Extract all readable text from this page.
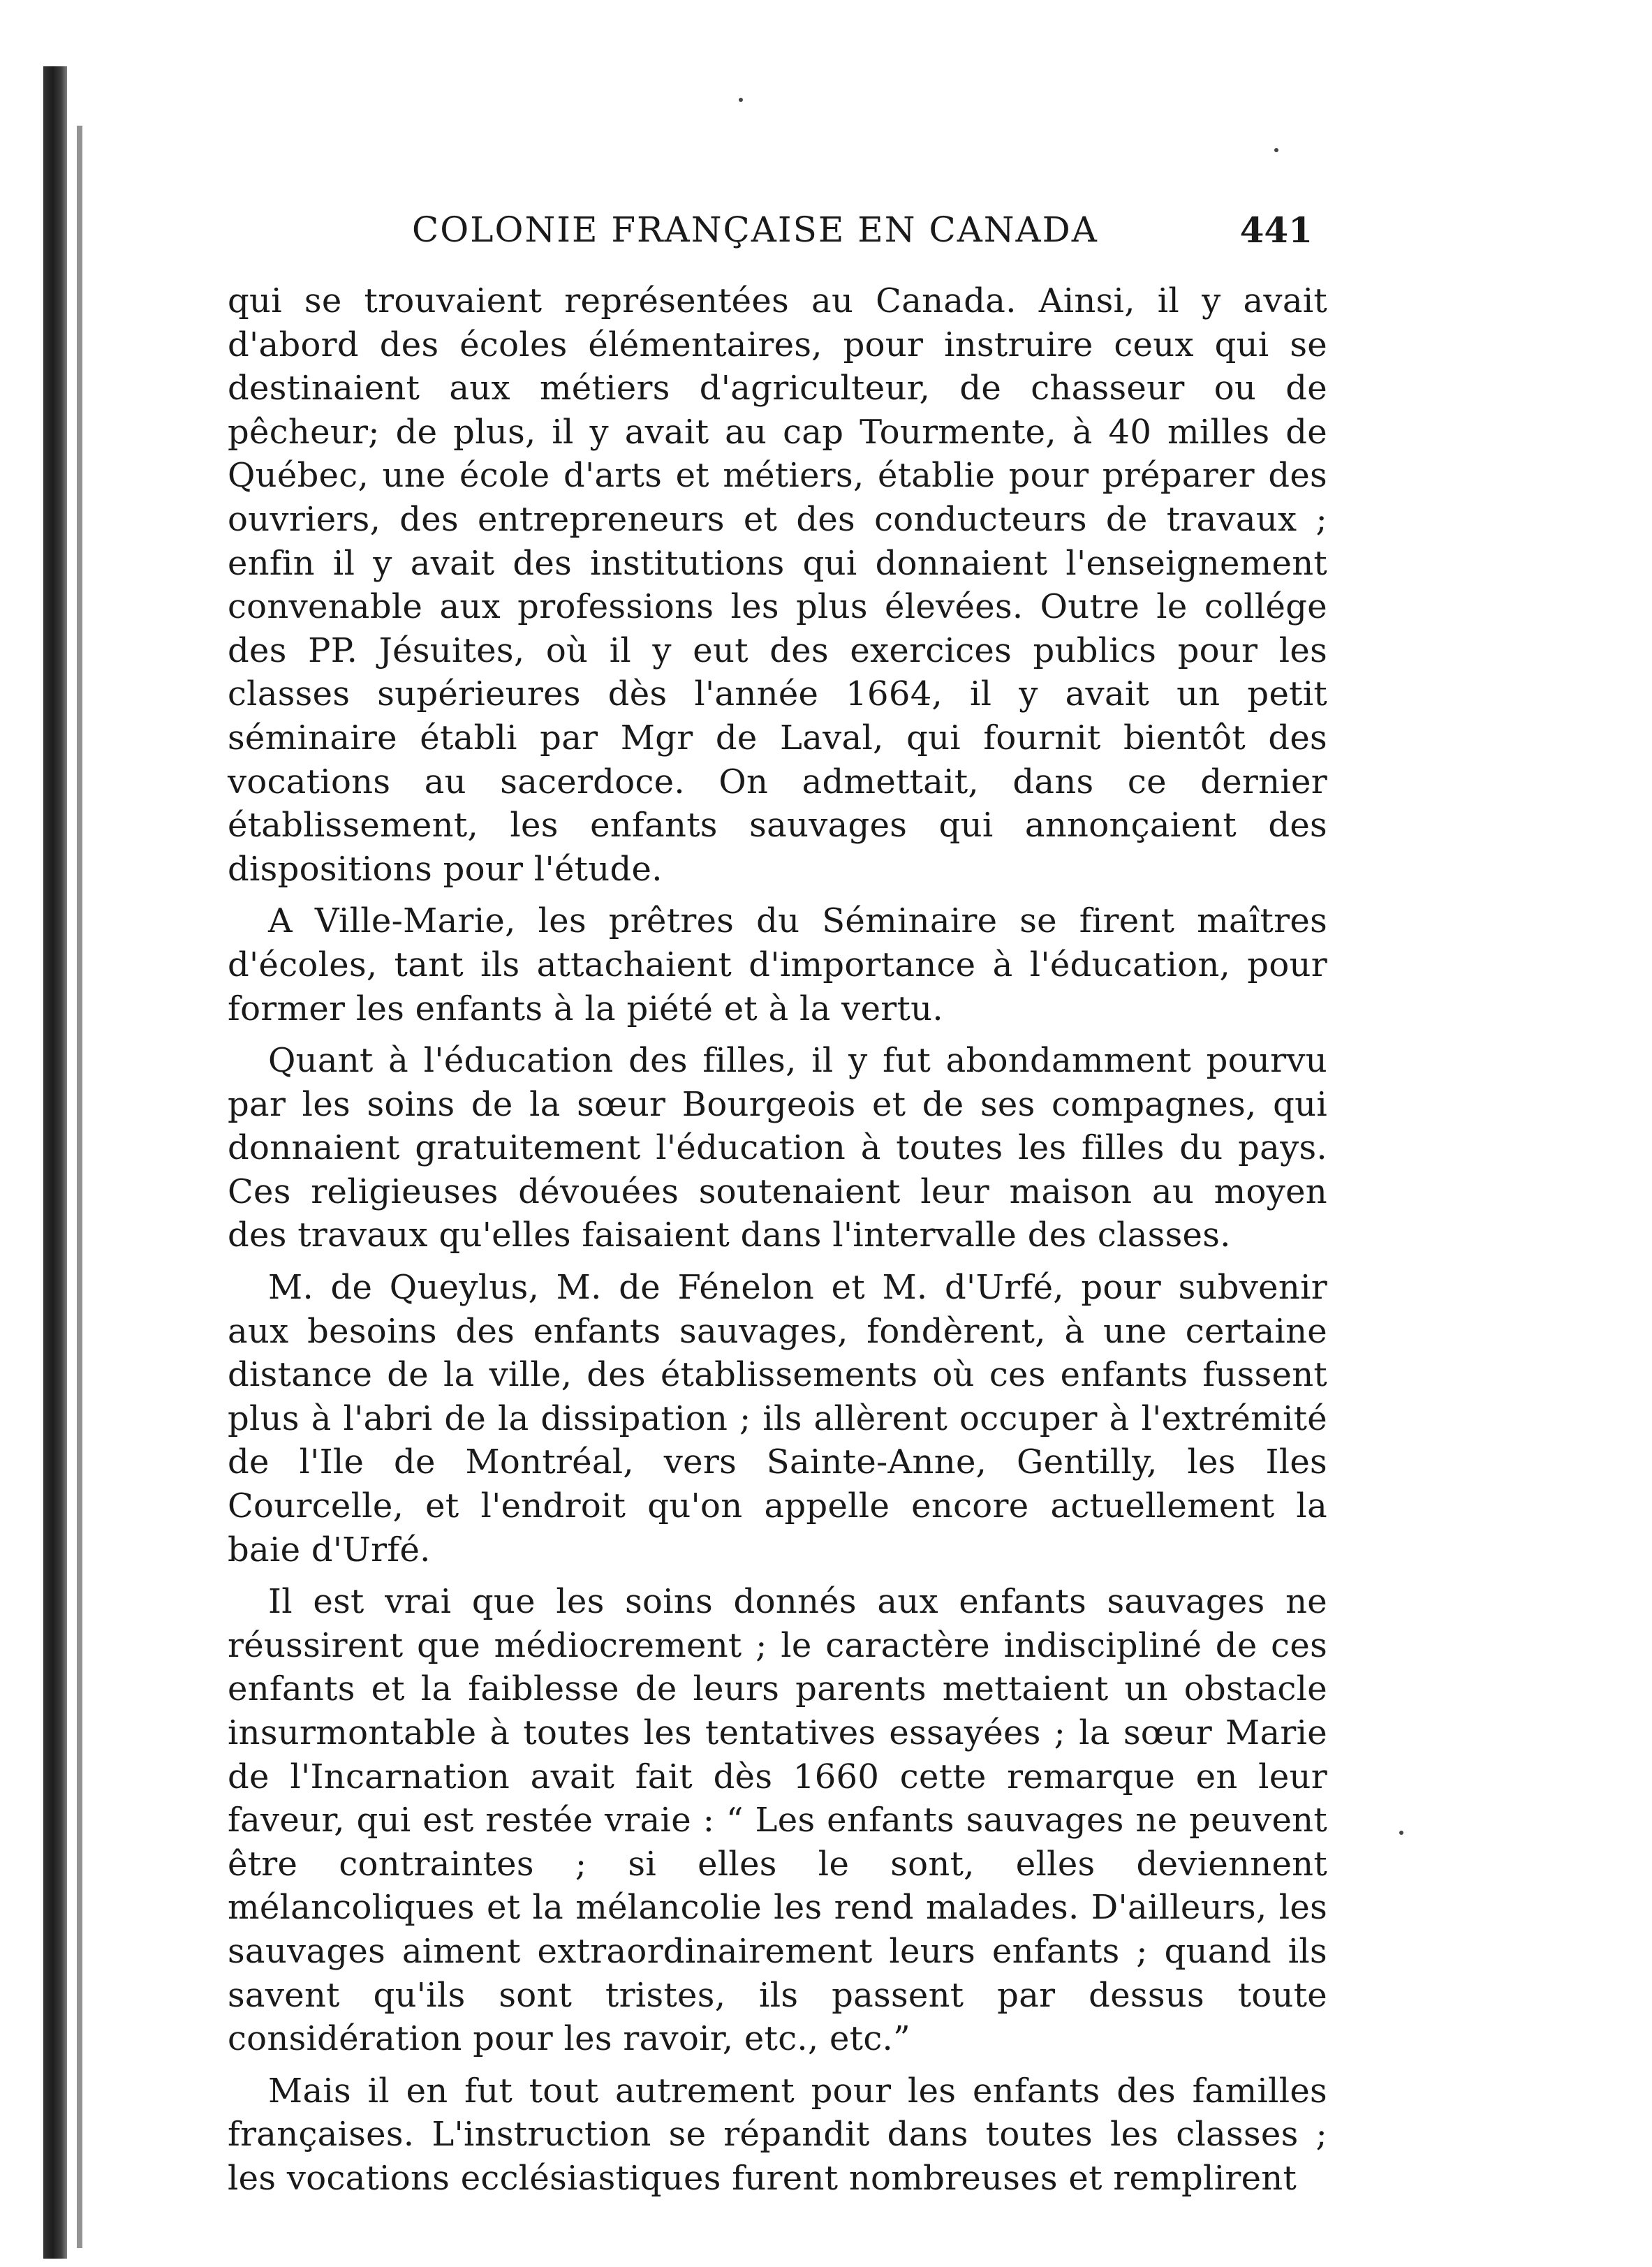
COLONIE FRANÇAISE EN CANADA	441

qui se trouvaient représentées au Canada. Ainsi, il y avait d'abord des écoles élémentaires, pour instruire ceux qui se destinaient aux métiers d'agriculteur, de chasseur ou de pêcheur; de plus, il y avait au cap Tourmente, à 40 milles de Québec, une école d'arts et métiers, établie pour préparer des ouvriers, des entrepreneurs et des conducteurs de travaux ; enfin il y avait des institutions qui donnaient l'enseignement convenable aux professions les plus élevées. Outre le collége des PP. Jésuites, où il y eut des exercices publics pour les classes supérieures dès l'année 1664, il y avait un petit séminaire établi par Mgr de Laval, qui fournit bientôt des vocations au sacerdoce. On admettait, dans ce dernier établissement, les enfants sauvages qui annonçaient des dispositions pour l'étude.

A Ville-Marie, les prêtres du Séminaire se firent maîtres d'écoles, tant ils attachaient d'importance à l'éducation, pour former les enfants à la piété et à la vertu.

Quant à l'éducation des filles, il y fut abondamment pourvu par les soins de la sœur Bourgeois et de ses compagnes, qui donnaient gratuitement l'éducation à toutes les filles du pays. Ces religieuses dévouées soutenaient leur maison au moyen des travaux qu'elles faisaient dans l'intervalle des classes.

M. de Queylus, M. de Fénelon et M. d'Urfé, pour subvenir aux besoins des enfants sauvages, fondèrent, à une certaine distance de la ville, des établissements où ces enfants fussent plus à l'abri de la dissipation ; ils allèrent occuper à l'extrémité de l'Ile de Montréal, vers Sainte-Anne, Gentilly, les Iles Courcelle, et l'endroit qu'on appelle encore actuellement la baie d'Urfé.

Il est vrai que les soins donnés aux enfants sauvages ne réussirent que médiocrement ; le caractère indiscipliné de ces enfants et la faiblesse de leurs parents mettaient un obstacle insurmontable à toutes les tentatives essayées ; la sœur Marie de l'Incarnation avait fait dès 1660 cette remarque en leur faveur, qui est restée vraie : “ Les enfants sauvages ne peuvent être contraintes ; si elles le sont, elles deviennent mélancoliques et la mélancolie les rend malades. D'ailleurs, les sauvages aiment extraordinairement leurs enfants ; quand ils savent qu'ils sont tristes, ils passent par dessus toute considération pour les ravoir, etc., etc.”

Mais il en fut tout autrement pour les enfants des familles françaises. L'instruction se répandit dans toutes les classes ; les vocations ecclésiastiques furent nombreuses et remplirent
